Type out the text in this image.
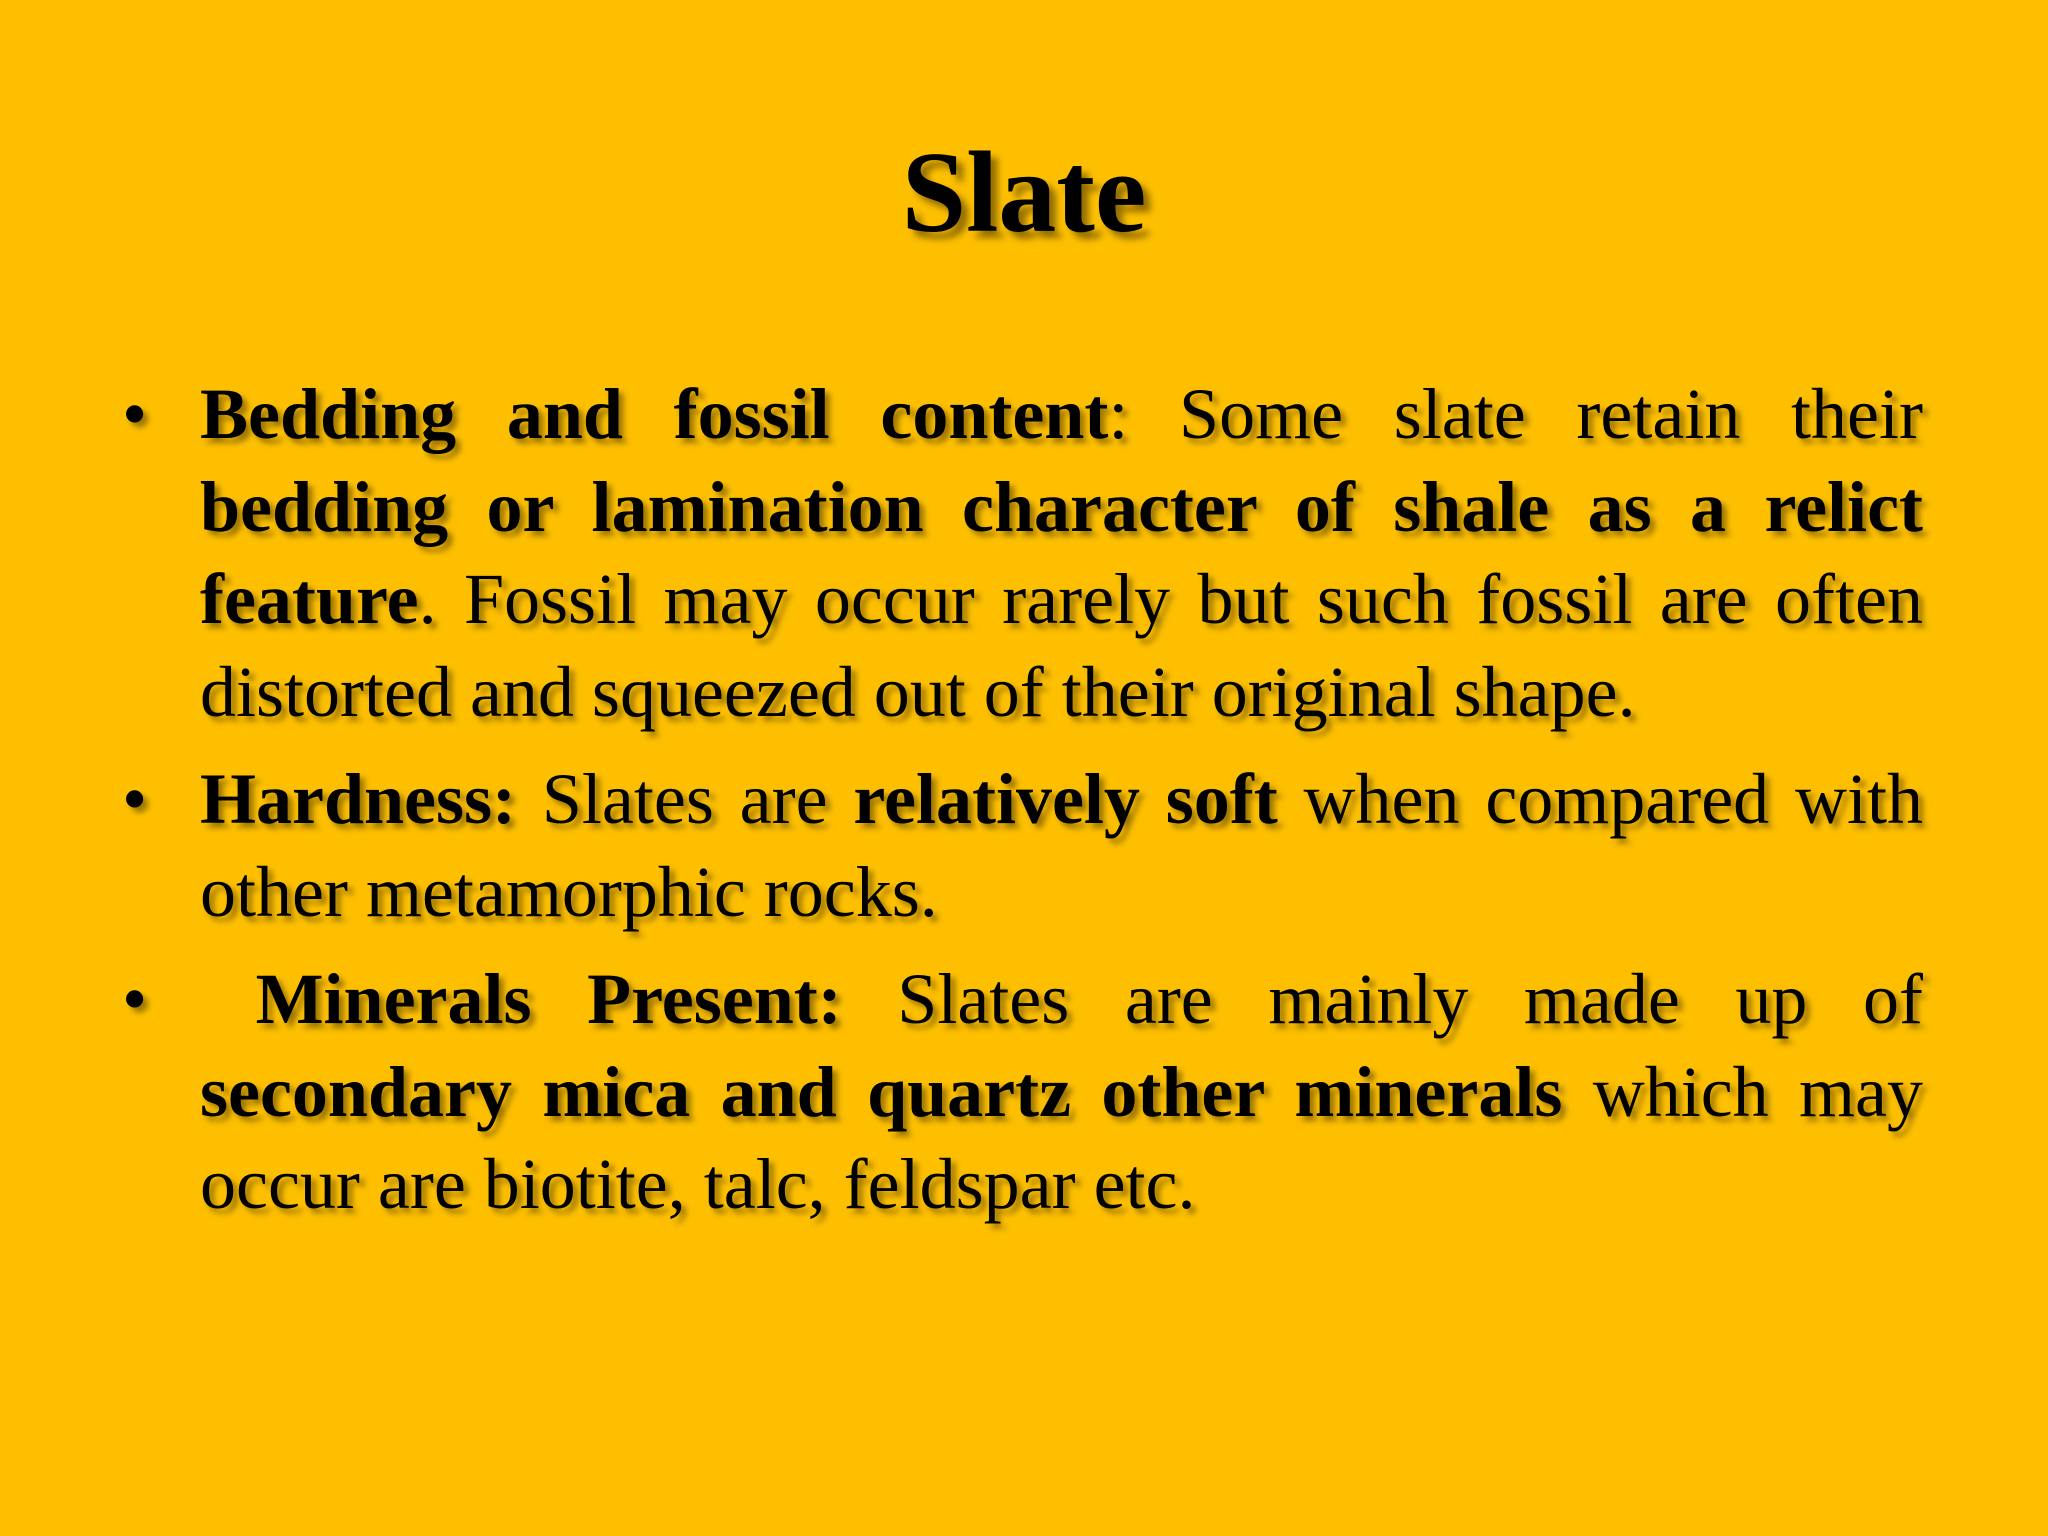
Slate
• Bedding and fossil content: Some slate retain their bedding or lamination character of shale as a relict feature. Fossil may occur rarely but such fossil are often distorted and squeezed out of their original shape.
• Hardness: Slates are relatively soft when compared with other metamorphic rocks.
• Minerals Present: Slates are mainly made up of secondary mica and quartz other minerals which may occur are biotite, talc, feldspar etc.
